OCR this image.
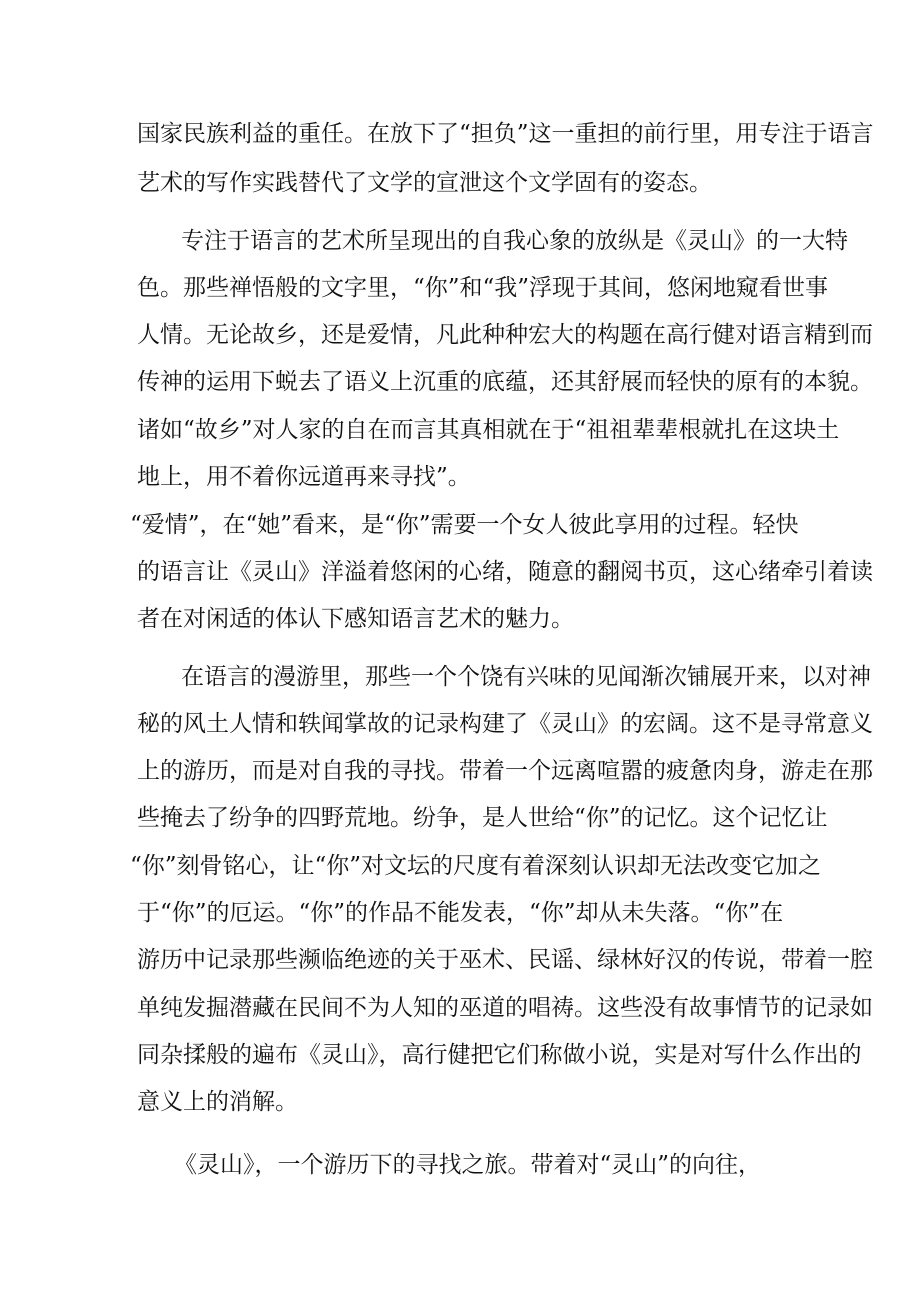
国家民族利益的重任。在放下了“担负”这一重担的前行里，用专注于语言
艺术的写作实践替代了文学的宣泄这个文学固有的姿态。
专注于语言的艺术所呈现出的自我心象的放纵是《灵山》的一大特
色。那些禅悟般的文字里，“你”和“我”浮现于其间，悠闲地窥看世事
人情。无论故乡，还是爱情，凡此种种宏大的构题在高行健对语言精到而
传神的运用下蜕去了语义上沉重的底蕴，还其舒展而轻快的原有的本貌。
诸如“故乡”对人家的自在而言其真相就在于“祖祖辈辈根就扎在这块土
地上，用不着你远道再来寻找”。
“爱情”，在“她”看来，是“你”需要一个女人彼此享用的过程。轻快
的语言让《灵山》洋溢着悠闲的心绪，随意的翻阅书页，这心绪牵引着读
者在对闲适的体认下感知语言艺术的魅力。
在语言的漫游里，那些一个个饶有兴味的见闻渐次铺展开来，以对神
秘的风土人情和轶闻掌故的记录构建了《灵山》的宏阔。这不是寻常意义
上的游历，而是对自我的寻找。带着一个远离喧嚣的疲惫肉身，游走在那
些掩去了纷争的四野荒地。纷争，是人世给“你”的记忆。这个记忆让
“你”刻骨铭心，让“你”对文坛的尺度有着深刻认识却无法改变它加之
于“你”的厄运。“你”的作品不能发表，“你”却从未失落。“你”在
游历中记录那些濒临绝迹的关于巫术、民谣、绿林好汉的传说，带着一腔
单纯发掘潜藏在民间不为人知的巫道的唱祷。这些没有故事情节的记录如
同杂揉般的遍布《灵山》，高行健把它们称做小说，实是对写什么作出的
意义上的消解。
《灵山》，一个游历下的寻找之旅。带着对“灵山”的向往，
